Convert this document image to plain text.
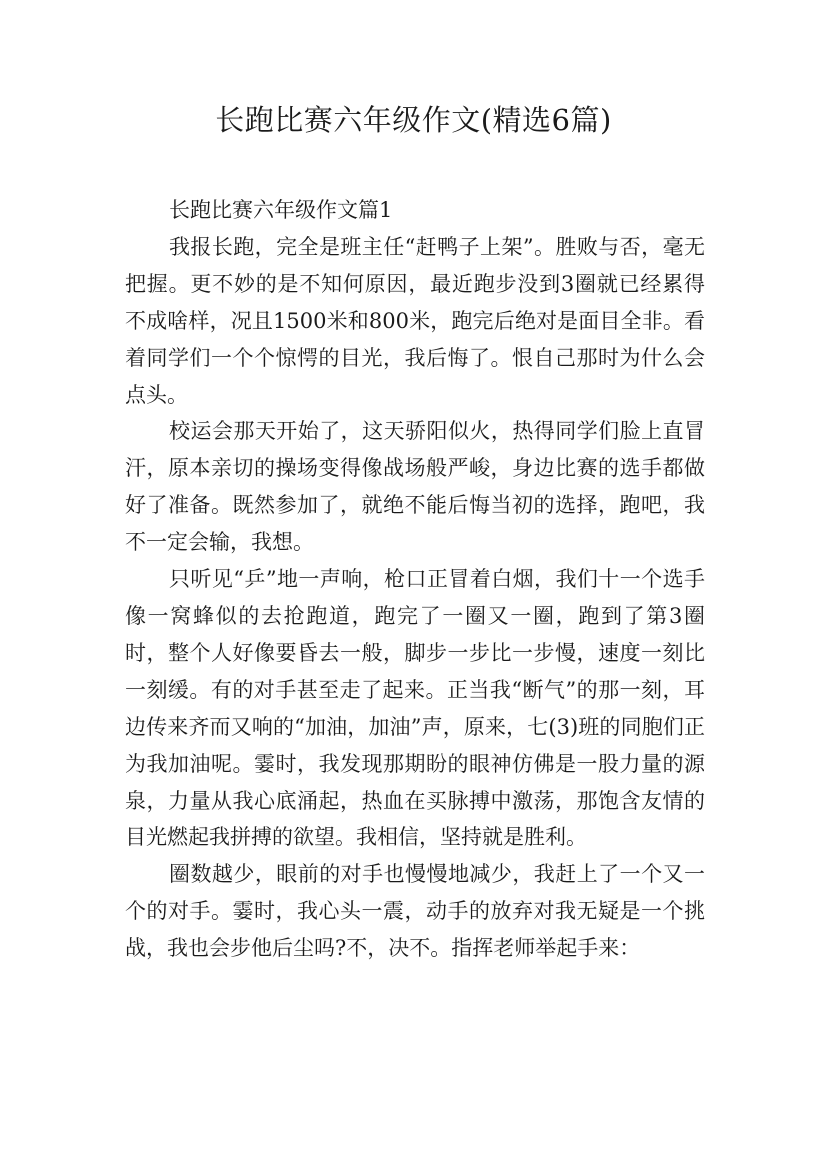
长跑比赛六年级作文(精选6篇)

长跑比赛六年级作文篇1

我报长跑，完全是班主任“赶鸭子上架”。胜败与否，毫无把握。更不妙的是不知何原因，最近跑步没到3圈就已经累得不成啥样，况且1500米和800米，跑完后绝对是面目全非。看着同学们一个个惊愕的目光，我后悔了。恨自己那时为什么会点头。

校运会那天开始了，这天骄阳似火，热得同学们脸上直冒汗，原本亲切的操场变得像战场般严峻，身边比赛的选手都做好了准备。既然参加了，就绝不能后悔当初的选择，跑吧，我不一定会输，我想。

只听见“乒”地一声响，枪口正冒着白烟，我们十一个选手像一窝蜂似的去抢跑道，跑完了一圈又一圈，跑到了第3圈时，整个人好像要昏去一般，脚步一步比一步慢，速度一刻比一刻缓。有的对手甚至走了起来。正当我“断气”的那一刻，耳边传来齐而又响的“加油，加油”声，原来，七(3)班的同胞们正为我加油呢。霎时，我发现那期盼的眼神仿佛是一股力量的源泉，力量从我心底涌起，热血在买脉搏中激荡，那饱含友情的目光燃起我拼搏的欲望。我相信，坚持就是胜利。

圈数越少，眼前的对手也慢慢地减少，我赶上了一个又一个的对手。霎时，我心头一震，动手的放弃对我无疑是一个挑战，我也会步他后尘吗?不，决不。指挥老师举起手来：
